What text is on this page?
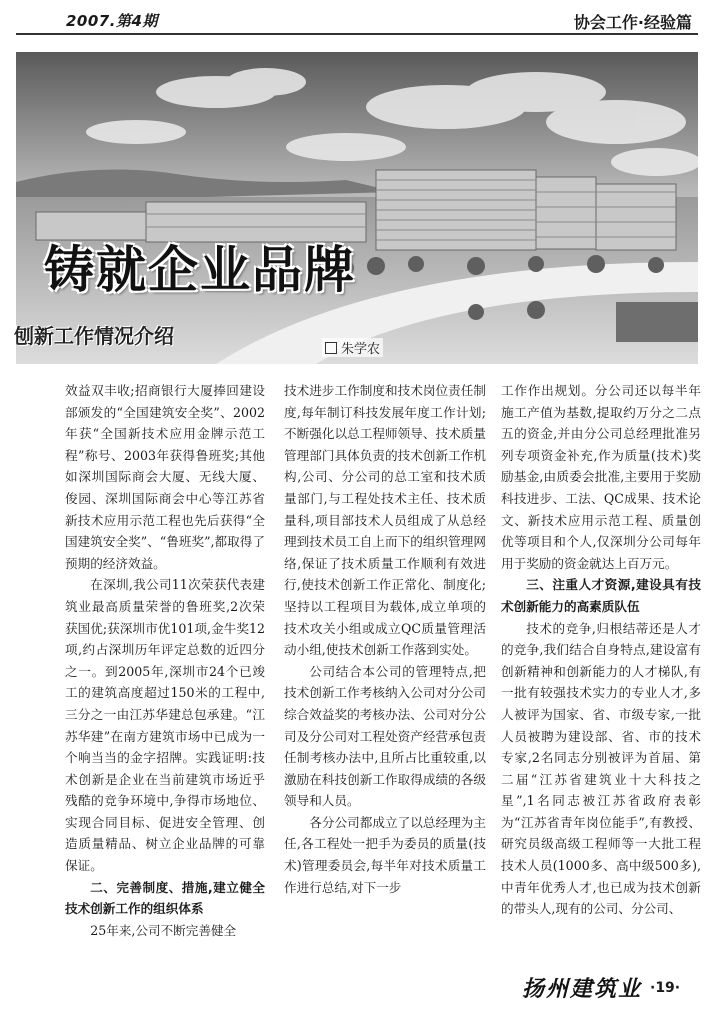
2007.第4期	协会工作·经验篇
铸就企业品牌
刨新工作情况介绍
朱学农

效益双丰收;招商银行大厦捧回建设部颁发的“全国建筑安全奖”、2002年获“全国新技术应用金牌示范工程”称号、2003年获得鲁班奖;其他如深圳国际商会大厦、无线大厦、俊园、深圳国际商会中心等江苏省新技术应用示范工程也先后获得“全国建筑安全奖”、“鲁班奖”,都取得了预期的经济效益。

在深圳,我公司11次荣获代表建筑业最高质量荣誉的鲁班奖,2次荣获国优;获深圳市优101项,金牛奖12项,约占深圳历年评定总数的近四分之一。到2005年,深圳市24个已竣工的建筑高度超过150米的工程中,三分之一由江苏华建总包承建。“江苏华建”在南方建筑市场中已成为一个响当当的金字招牌。实践证明:技术创新是企业在当前建筑市场近乎残酷的竞争环境中,争得市场地位、实现合同目标、促进安全管理、创造质量精品、树立企业品牌的可靠保证。

二、完善制度、措施,建立健全技术创新工作的组织体系

25年来,公司不断完善健全

技术进步工作制度和技术岗位责任制度,每年制订科技发展年度工作计划;不断强化以总工程师领导、技术质量管理部门具体负责的技术创新工作机构,公司、分公司的总工室和技术质量部门,与工程处技术主任、技术质量科,项目部技术人员组成了从总经理到技术员工自上而下的组织管理网络,保证了技术质量工作顺利有效进行,使技术创新工作正常化、制度化;坚持以工程项目为载体,成立单项的技术攻关小组或成立QC质量管理活动小组,使技术创新工作落到实处。

公司结合本公司的管理特点,把技术创新工作考核纳入公司对分公司综合效益奖的考核办法、公司对分公司及分公司对工程处资产经营承包责任制考核办法中,且所占比重较重,以激励在科技创新工作取得成绩的各级领导和人员。

各分公司都成立了以总经理为主任,各工程处一把手为委员的质量(技术)管理委员会,每半年对技术质量工作进行总结,对下一步

工作作出规划。分公司还以每半年施工产值为基数,提取约万分之二点五的资金,并由分公司总经理批准另列专项资金补充,作为质量(技术)奖励基金,由质委会批准,主要用于奖励科技进步、工法、QC成果、技术论文、新技术应用示范工程、质量创优等项目和个人,仅深圳分公司每年用于奖励的资金就达上百万元。

三、注重人才资源,建设具有技术创新能力的高素质队伍

技术的竞争,归根结蒂还是人才的竞争,我们结合自身特点,建设富有创新精神和创新能力的人才梯队,有一批有较强技术实力的专业人才,多人被评为国家、省、市级专家,一批人员被聘为建设部、省、市的技术专家,2名同志分别被评为首届、第二届“江苏省建筑业十大科技之星”,1名同志被江苏省政府表彰为“江苏省青年岗位能手”,有教授、研究员级高级工程师等一大批工程技术人员(1000多、高中级500多),中青年优秀人才,也已成为技术创新的带头人,现有的公司、分公司、

扬州建筑业 ·19·
